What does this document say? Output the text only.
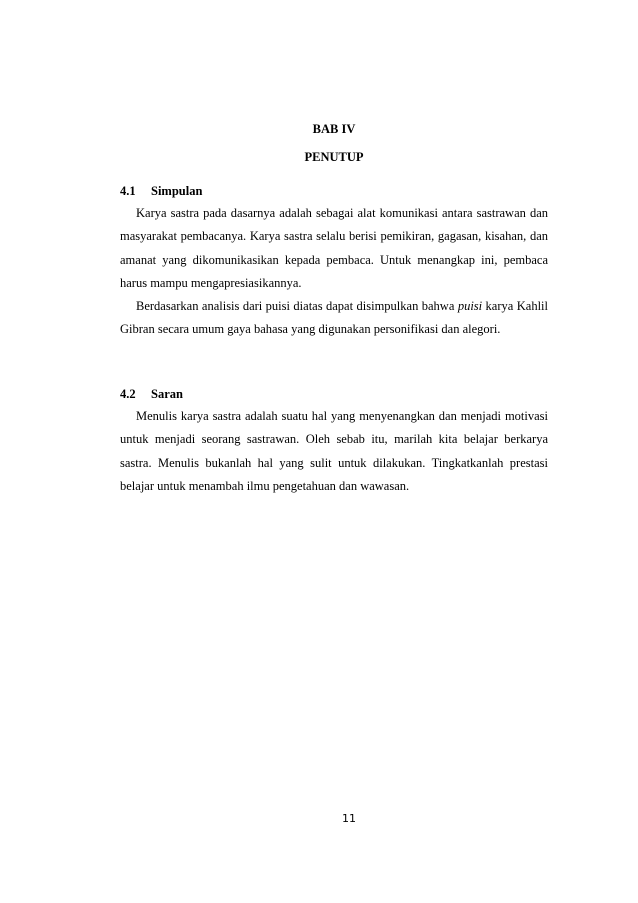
BAB IV
PENUTUP
4.1 Simpulan

Karya sastra pada dasarnya adalah sebagai alat komunikasi antara sastrawan dan masyarakat pembacanya. Karya sastra selalu berisi pemikiran, gagasan, kisahan, dan amanat yang dikomunikasikan kepada pembaca. Untuk menangkap ini, pembaca harus mampu mengapresiasikannya.

Berdasarkan analisis dari puisi diatas dapat disimpulkan bahwa puisi karya Kahlil Gibran secara umum gaya bahasa yang digunakan personifikasi dan alegori.

4.2 Saran

Menulis karya sastra adalah suatu hal yang menyenangkan dan menjadi motivasi untuk menjadi seorang sastrawan. Oleh sebab itu, marilah kita belajar berkarya sastra. Menulis bukanlah hal yang sulit untuk dilakukan. Tingkatkanlah prestasi belajar untuk menambah ilmu pengetahuan dan wawasan.

11
